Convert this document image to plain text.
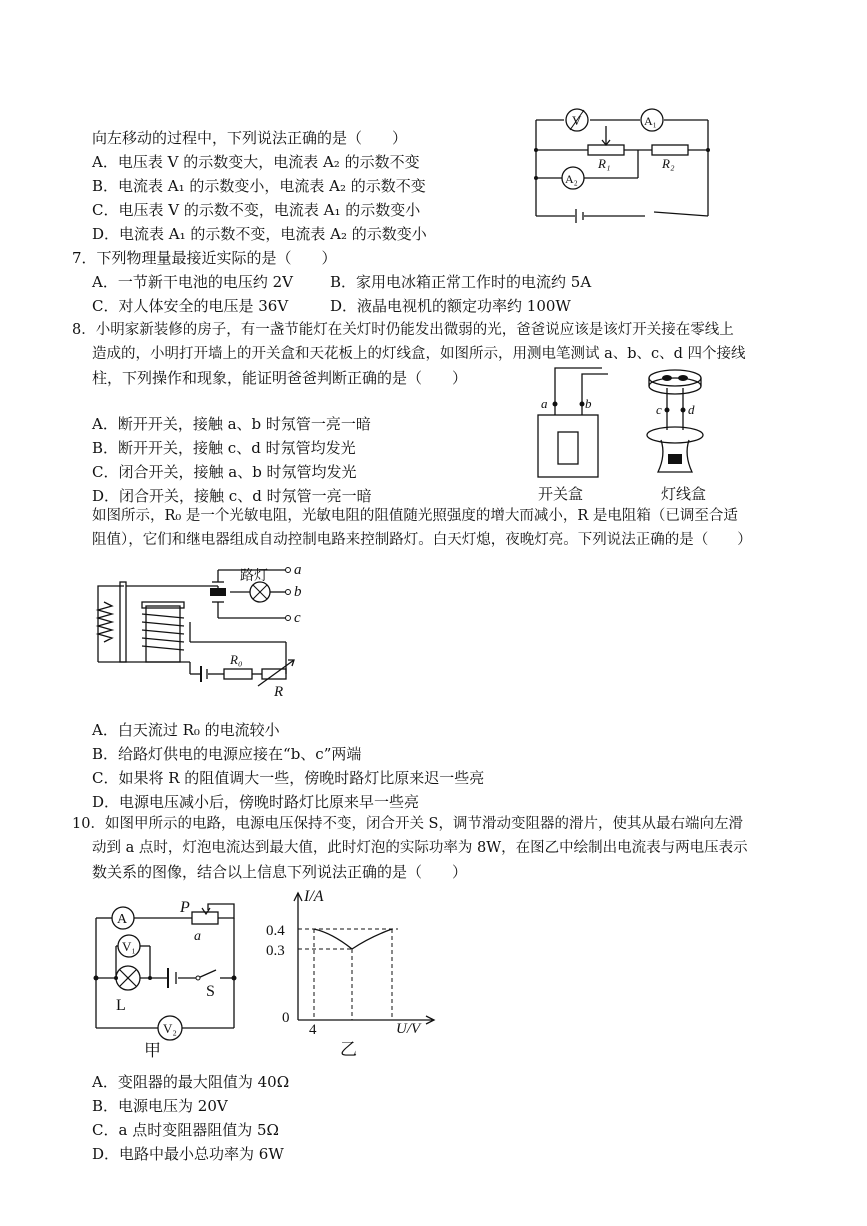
向左移动的过程中，下列说法正确的是（　　）
A．电压表 V 的示数变大，电流表 A₂ 的示数不变
B．电流表 A₁ 的示数变小，电流表 A₂ 的示数不变
C．电压表 V 的示数不变，电流表 A₁ 的示数变小
D．电流表 A₁ 的示数不变，电流表 A₂ 的示数变小
V	A₁
A₂
R₁	R₂
7．下列物理量最接近实际的是（　　）
A．一节新干电池的电压约 2V B．家用电冰箱正常工作时的电流约 5A
C．对人体安全的电压是 36V	D．液晶电视机的额定功率约 100W
8．小明家新装修的房子，有一盏节能灯在关灯时仍能发出微弱的光，爸爸说应该是该灯开关接在零线上
造成的，小明打开墙上的开关盒和天花板上的灯线盒，如图所示，用测电笔测试 a、b、c、d 四个接线
柱，下列操作和现象，能证明爸爸判断正确的是（　　）
A．断开开关，接触 a、b 时氖管一亮一暗
B．断开开关，接触 c、d 时氖管均发光
C．闭合开关，接触 a、b 时氖管均发光
D．闭合开关，接触 c、d 时氖管一亮一暗
a	b	c d
开关盒	灯线盒
如图所示，R₀ 是一个光敏电阻，光敏电阻的阻值随光照强度的增大而减小，R 是电阻箱（已调至合适
阻值），它们和继电器组成自动控制电路来控制路灯。白天灯熄，夜晚灯亮。下列说法正确的是（　　）
路灯 a
b
c
R₀
R
A．白天流过 R₀ 的电流较小
B．给路灯供电的电源应接在“b、c”两端
C．如果将 R 的阻值调大一些，傍晚时路灯比原来迟一些亮
D．电源电压减小后，傍晚时路灯比原来早一些亮
10．如图甲所示的电路，电源电压保持不变，闭合开关 S，调节滑动变阻器的滑片，使其从最右端向左滑
动到 a 点时，灯泡电流达到最大值，此时灯泡的实际功率为 8W，在图乙中绘制出电流表与两电压表示
数关系的图像，结合以上信息下列说法正确的是（　　）
A
P
a
V₁
L
S
V₂
甲
I/A
0.4
0.3
0
4	U/V
乙
A．变阻器的最大阻值为 40Ω
B．电源电压为 20V
C．a 点时变阻器阻值为 5Ω
D．电路中最小总功率为 6W
